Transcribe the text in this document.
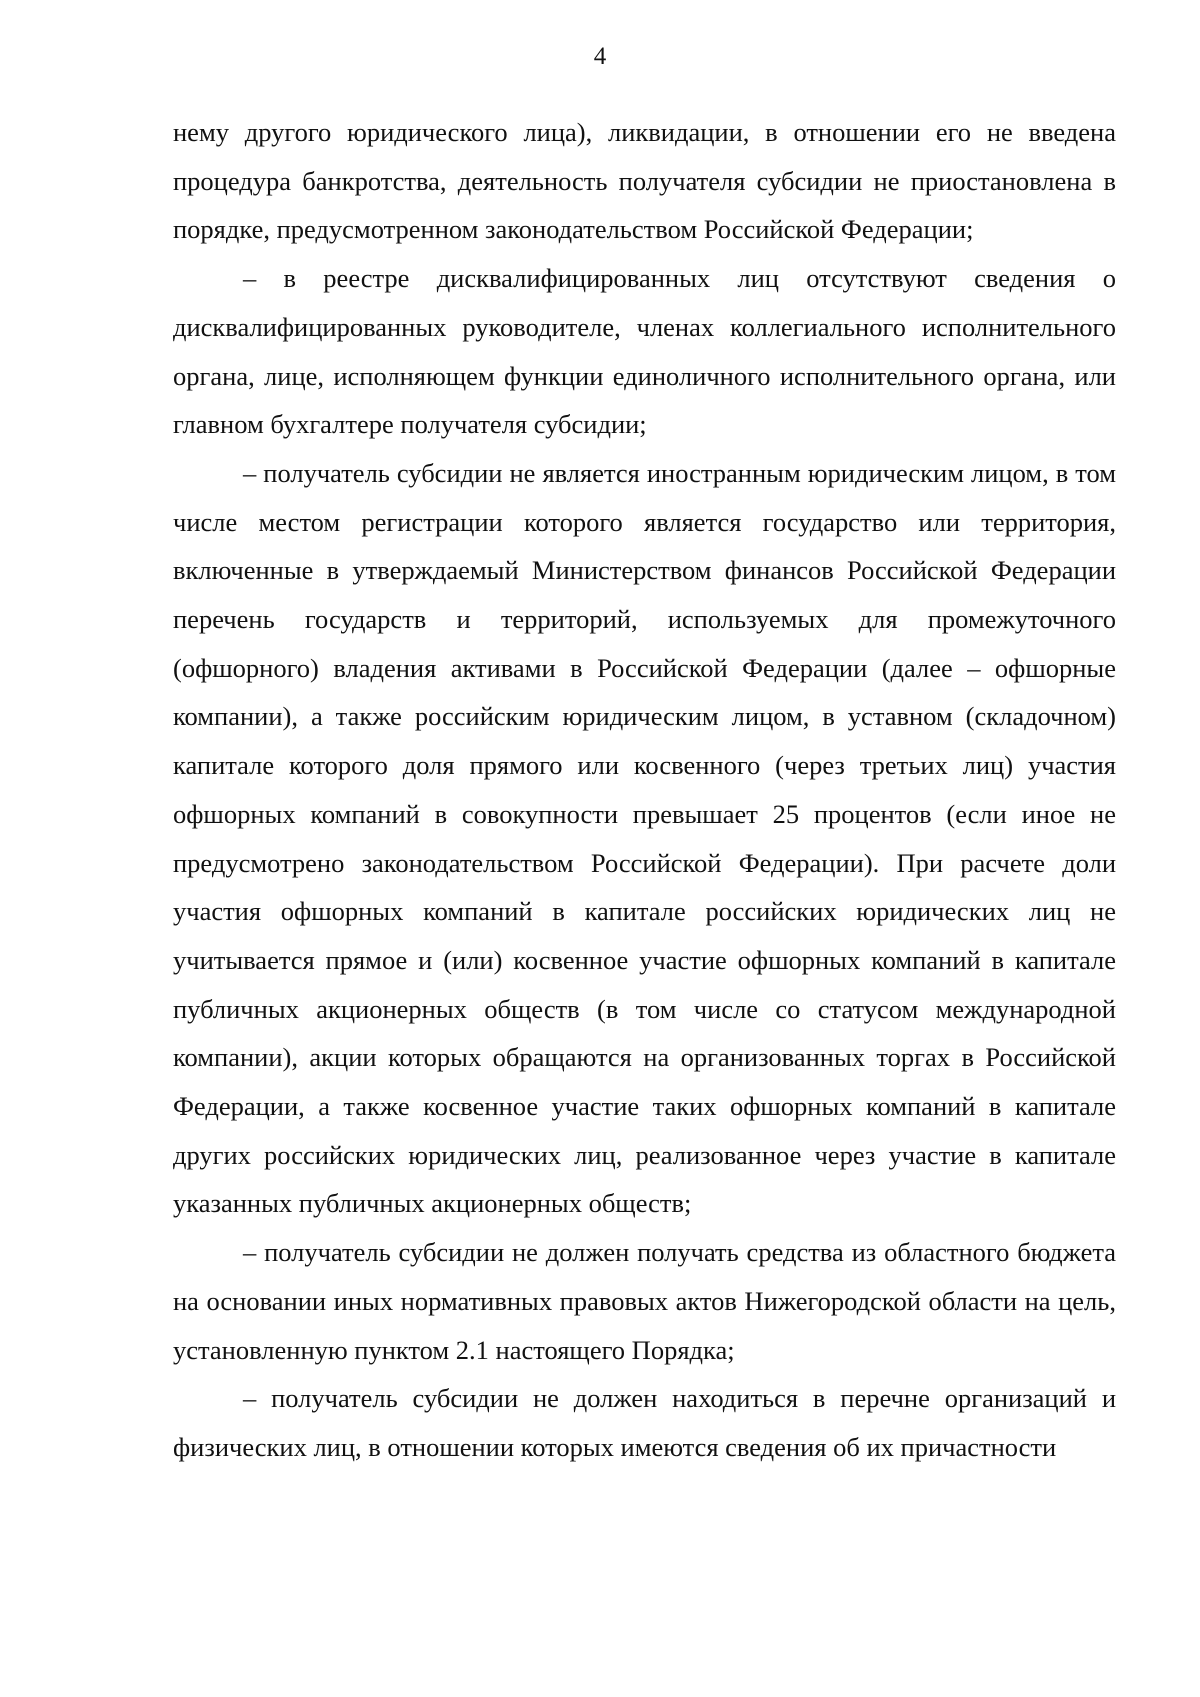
4

нему другого юридического лица), ликвидации, в отношении его не введена процедура банкротства, деятельность получателя субсидии не приостановлена в порядке, предусмотренном законодательством Российской Федерации;

– в реестре дисквалифицированных лиц отсутствуют сведения о дисквалифицированных руководителе, членах коллегиального исполнительного органа, лице, исполняющем функции единоличного исполнительного органа, или главном бухгалтере получателя субсидии;

– получатель субсидии не является иностранным юридическим лицом, в том числе местом регистрации которого является государство или территория, включенные в утверждаемый Министерством финансов Российской Федерации перечень государств и территорий, используемых для промежуточного (офшорного) владения активами в Российской Федерации (далее – офшорные компании), а также российским юридическим лицом, в уставном (складочном) капитале которого доля прямого или косвенного (через третьих лиц) участия офшорных компаний в совокупности превышает 25 процентов (если иное не предусмотрено законодательством Российской Федерации). При расчете доли участия офшорных компаний в капитале российских юридических лиц не учитывается прямое и (или) косвенное участие офшорных компаний в капитале публичных акционерных обществ (в том числе со статусом международной компании), акции которых обращаются на организованных торгах в Российской Федерации, а также косвенное участие таких офшорных компаний в капитале других российских юридических лиц, реализованное через участие в капитале указанных публичных акционерных обществ;

– получатель субсидии не должен получать средства из областного бюджета на основании иных нормативных правовых актов Нижегородской области на цель, установленную пунктом 2.1 настоящего Порядка;

– получатель субсидии не должен находиться в перечне организаций и физических лиц, в отношении которых имеются сведения об их причастности
